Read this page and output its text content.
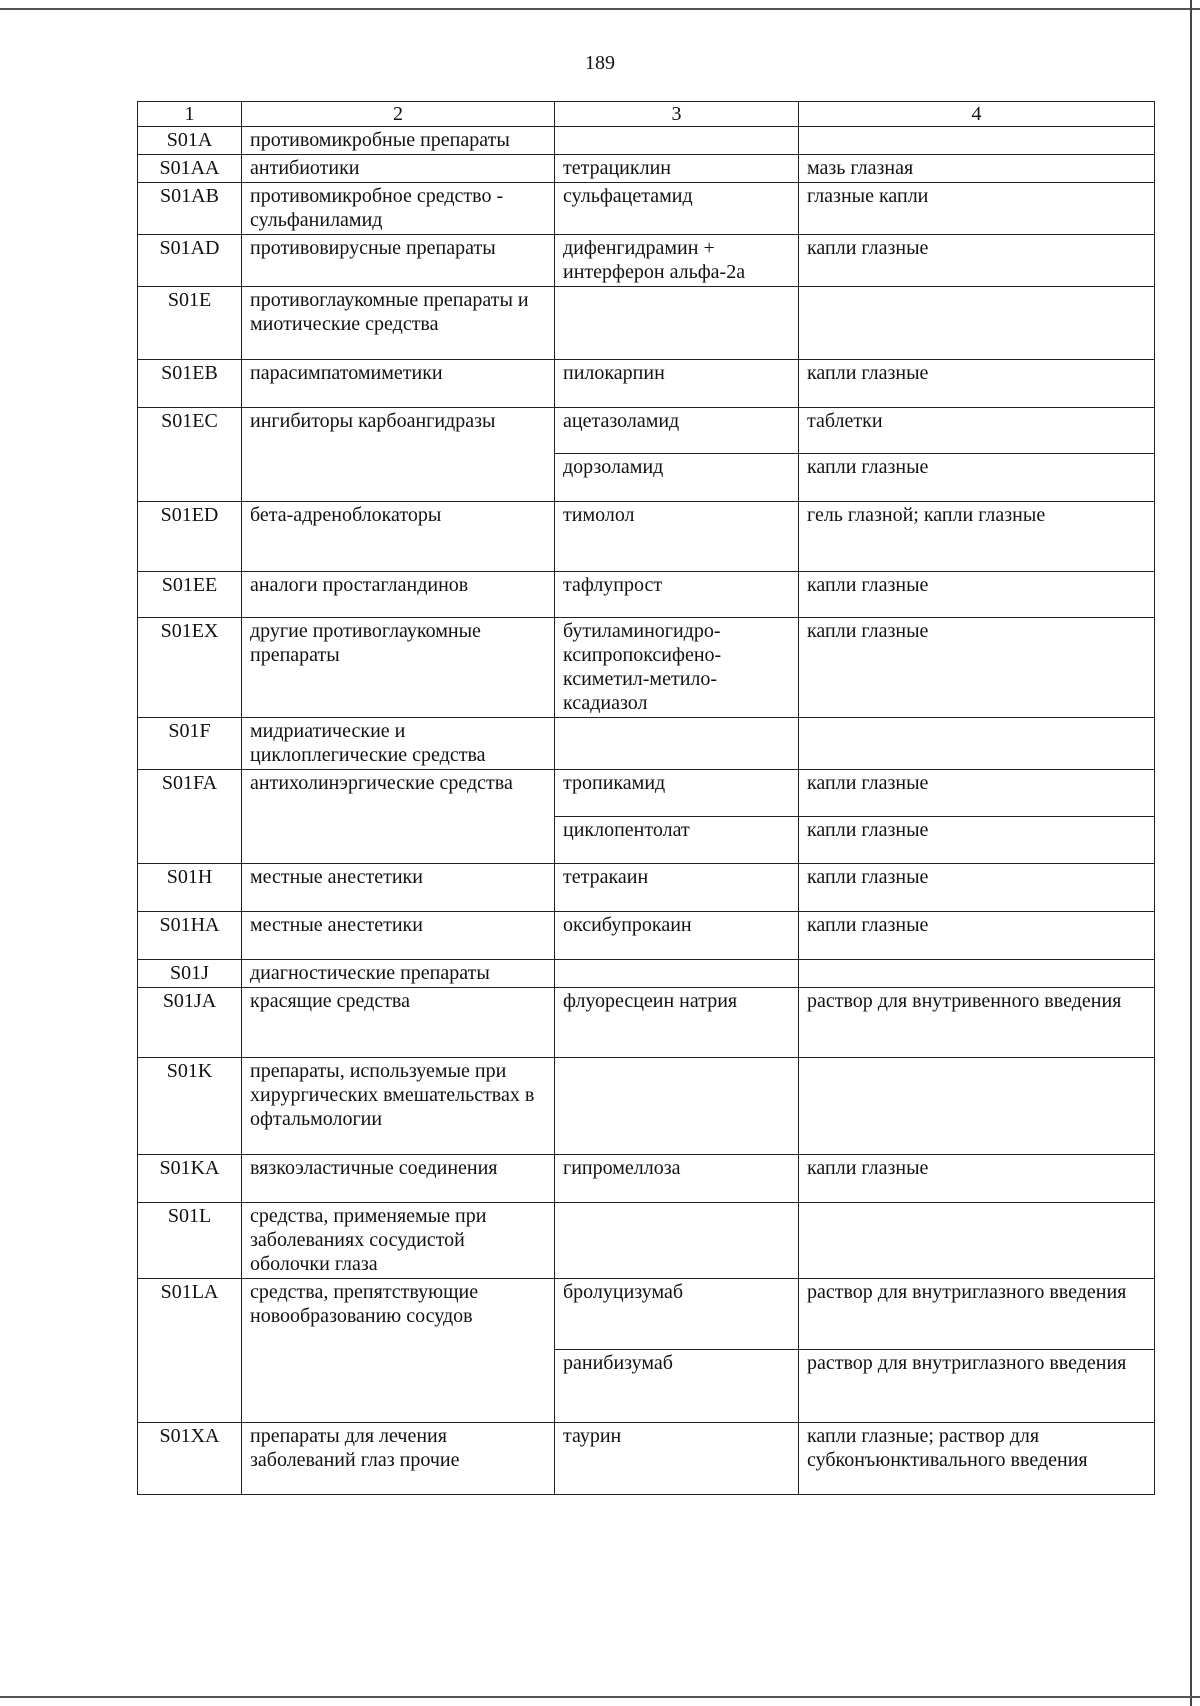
189
1	2	3	4
S01A	противомикробные препараты		
S01AA	антибиотики	тетрациклин	мазь глазная
S01AB	противомикробное средство - сульфаниламид	сульфацетамид	глазные капли
S01AD	противовирусные препараты	дифенгидрамин + интерферон альфа-2а	капли глазные
S01E	противоглаукомные препараты и миотические средства		
S01EB	парасимпатомиметики	пилокарпин	капли глазные
S01EC	ингибиторы карбоангидразы	ацетазоламид	таблетки
		дорзоламид	капли глазные
S01ED	бета-адреноблокаторы	тимолол	гель глазной; капли глазные
S01EE	аналоги простагландинов	тафлупрост	капли глазные
S01EX	другие противоглаукомные препараты	бутиламиногидро-ксипропоксифено-ксиметил-метило-ксадиазол	капли глазные
S01F	мидриатические и циклоплегические средства		
S01FA	антихолинэргические средства	тропикамид	капли глазные
		циклопентолат	капли глазные
S01H	местные анестетики	тетракаин	капли глазные
S01HA	местные анестетики	оксибупрокаин	капли глазные
S01J	диагностические препараты		
S01JA	красящие средства	флуоресцеин натрия	раствор для внутривенного введения
S01K	препараты, используемые при хирургических вмешательствах в офтальмологии		
S01KA	вязкоэластичные соединения	гипромеллоза	капли глазные
S01L	средства, применяемые при заболеваниях сосудистой оболочки глаза		
S01LA	средства, препятствующие новообразованию сосудов	бролуцизумаб	раствор для внутриглазного введения
		ранибизумаб	раствор для внутриглазного введения
S01XA	препараты для лечения заболеваний глаз прочие	таурин	капли глазные; раствор для субконъюнктивального введения
